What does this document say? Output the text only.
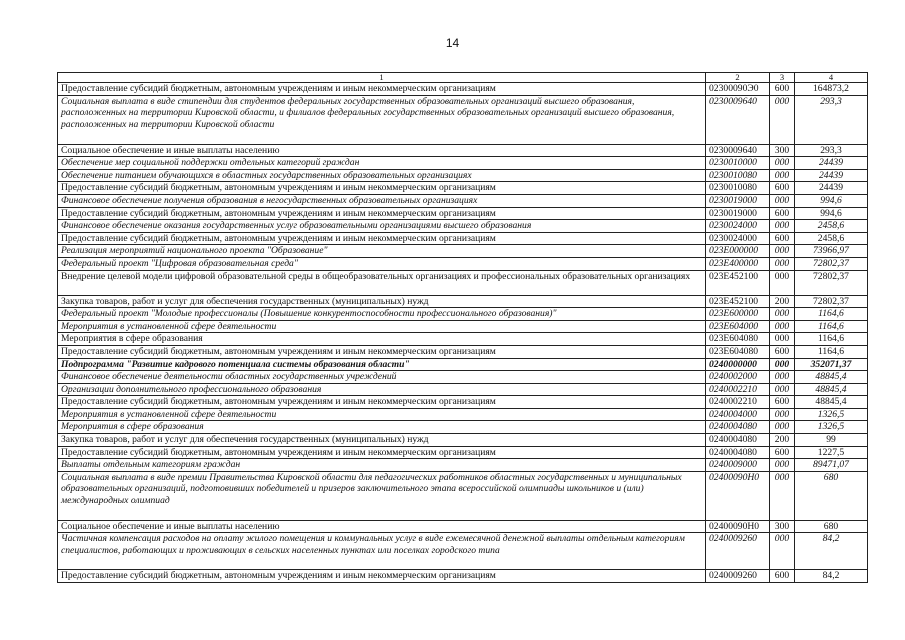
14
1	2	3	4
Предоставление субсидий бюджетным, автономным учреждениям и иным некоммерческим организациям	02300090Э0	600	164873,2
Социальная выплата в виде стипендии для студентов федеральных государственных образовательных организаций высшего образования, расположенных на территории Кировской области, и филиалов федеральных государственных образовательных организаций высшего образования, расположенных на территории Кировской области	0230009640	000	293,3
Социальное обеспечение и иные выплаты населению	0230009640	300	293,3
Обеспечение мер социальной поддержки отдельных категорий граждан	0230010000	000	24439
Обеспечение питанием обучающихся в областных государственных образовательных организациях	0230010080	000	24439
Предоставление субсидий бюджетным, автономным учреждениям и иным некоммерческим организациям	0230010080	600	24439
Финансовое обеспечение получения образования в негосударственных образовательных организациях	0230019000	000	994,6
Предоставление субсидий бюджетным, автономным учреждениям и иным некоммерческим организациям	0230019000	600	994,6
Финансовое обеспечение оказания государственных услуг образовательными организациями высшего образования	0230024000	000	2458,6
Предоставление субсидий бюджетным, автономным учреждениям и иным некоммерческим организациям	0230024000	600	2458,6
Реализация мероприятий национального проекта "Образование"	023E000000	000	73966,97
Федеральный проект "Цифровая образовательная среда"	023E400000	000	72802,37
Внедрение целевой модели цифровой образовательной среды в общеобразовательных организациях и профессиональных образовательных организациях	023E452100	000	72802,37
Закупка товаров, работ и услуг для обеспечения государственных (муниципальных) нужд	023E452100	200	72802,37
Федеральный проект "Молодые профессионалы (Повышение конкурентоспособности профессионального образования)"	023E600000	000	1164,6
Мероприятия в установленной сфере деятельности	023E604000	000	1164,6
Мероприятия в сфере образования	023E604080	000	1164,6
Предоставление субсидий бюджетным, автономным учреждениям и иным некоммерческим организациям	023E604080	600	1164,6
Подпрограмма "Развитие кадрового потенциала системы образования области"	0240000000	000	352071,37
Финансовое обеспечение деятельности областных государственных учреждений	0240002000	000	48845,4
Организации дополнительного профессионального образования	0240002210	000	48845,4
Предоставление субсидий бюджетным, автономным учреждениям и иным некоммерческим организациям	0240002210	600	48845,4
Мероприятия в установленной сфере деятельности	0240004000	000	1326,5
Мероприятия в сфере образования	0240004080	000	1326,5
Закупка товаров, работ и услуг для обеспечения государственных (муниципальных) нужд	0240004080	200	99
Предоставление субсидий бюджетным, автономным учреждениям и иным некоммерческим организациям	0240004080	600	1227,5
Выплаты отдельным категориям граждан	0240009000	000	89471,07
Социальная выплата в виде премии Правительства Кировской области для педагогических работников областных государственных и муниципальных образовательных организаций, подготовивших победителей и призеров заключительного этапа всероссийской олимпиады школьников и (или) международных олимпиад	02400090Н0	000	680
Социальное обеспечение и иные выплаты населению	02400090Н0	300	680
Частичная компенсация расходов на оплату жилого помещения и коммунальных услуг в виде ежемесячной денежной выплаты отдельным категориям специалистов, работающих и проживающих в сельских населенных пунктах или поселках городского типа	0240009260	000	84,2
Предоставление субсидий бюджетным, автономным учреждениям и иным некоммерческим организациям	0240009260	600	84,2
